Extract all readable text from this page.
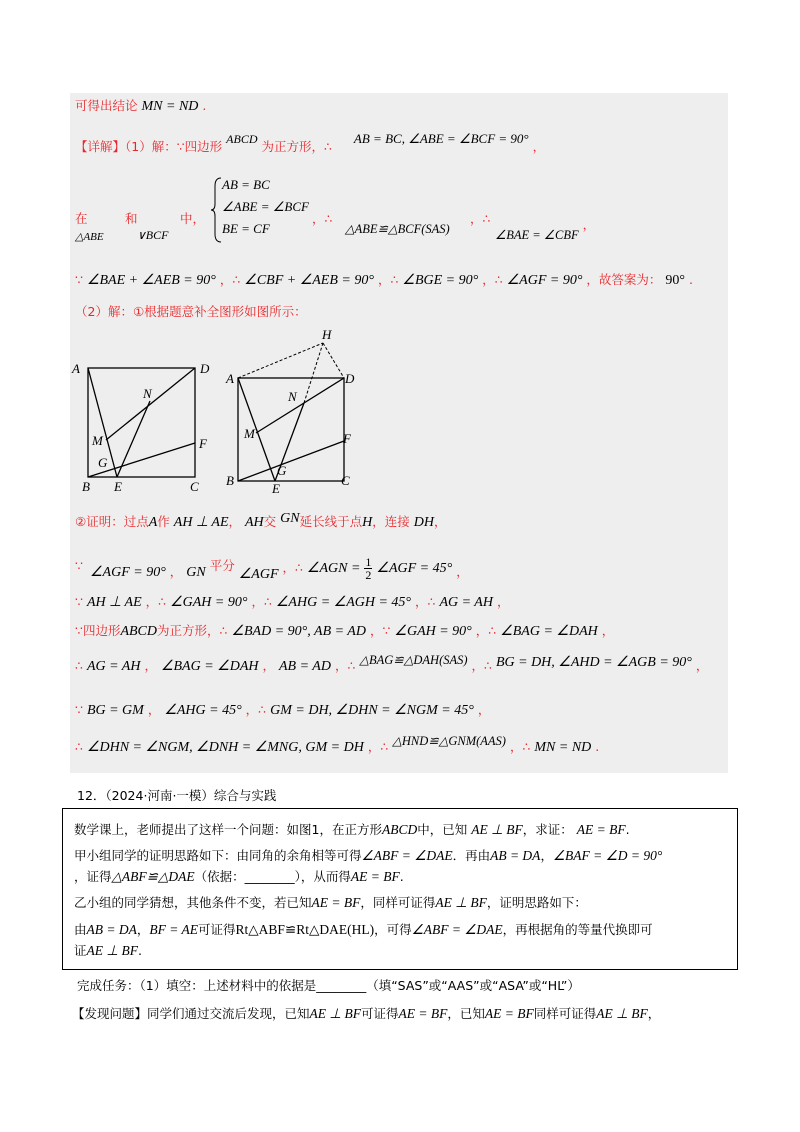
可得出结论 MN = ND .
【详解】（1）解：∵四边形 ABCD 为正方形，∴ AB = BC, ∠ABE = ∠BCF = 90° ，
AB = BC
∠ABE = ∠BCF
BE = CF
在
△ABE
和
∨BCF
中，	，∴
△ABE≌△BCF(SAS)
，∴
∠BAE = ∠CBF ，
∵ ∠BAE + ∠AEB = 90° ，∴ ∠CBF + ∠AEB = 90° ，∴ ∠BGE = 90° ，∴ ∠AGF = 90° ，故答案为： 90° .
（2）解：①根据题意补全图形如图所示：
A	D
B E	C
F
G
M
N
H
A	D
B
E
C
F
G
M
N
②证明：过点A作 AH ⊥ AE， AH交 GN延长线于点H，连接 DH，
∵ ∠AGF = 90° ， GN 平分 ∠AGF ，∴ ∠AGN = $\frac{1}{2}$ ∠AGF = 45° ，
∵ AH ⊥ AE ，∴ ∠GAH = 90° ，∴ ∠AHG = ∠AGH = 45° ，∴ AG = AH ，
∵四边形ABCD为正方形，∴ ∠BAD = 90°, AB = AD ，∵ ∠GAH = 90° ，∴ ∠BAG = ∠DAH ，
∴ AG = AH ， ∠BAG = ∠DAH ， AB = AD ，∴ △BAG≌△DAH(SAS) ，∴ BG = DH, ∠AHD = ∠AGB = 90° ，
∵ BG = GM ， ∠AHG = 45° ，∴ GM = DH, ∠DHN = ∠NGM = 45° ，
∴ ∠DHN = ∠NGM, ∠DNH = ∠MNG, GM = DH ，∴ △HND≌△GNM(AAS) ，∴ MN = ND .
12．（2024·河南·一模）综合与实践
数学课上，老师提出了这样一个问题：如图1，在正方形ABCD中，已知 AE ⊥ BF，求证： AE = BF.
甲小组同学的证明思路如下：由同角的余角相等可得∠ABF = ∠DAE．再由AB = DA，∠BAF = ∠D = 90°
，证得△ABF≌△DAE（依据：________），从而得AE = BF.
乙小组的同学猜想，其他条件不变，若已知AE = BF，同样可证得AE ⊥ BF，证明思路如下：
由AB = DA，BF = AE可证得Rt△ABF≌Rt△DAE(HL)，可得∠ABF = ∠DAE，再根据角的等量代换即可
证AE ⊥ BF.
完成任务：（1）填空：上述材料中的依据是________（填“SAS”或“AAS”或“ASA”或“HL”）
【发现问题】同学们通过交流后发现，已知AE ⊥ BF可证得AE = BF，已知AE = BF同样可证得AE ⊥ BF，
